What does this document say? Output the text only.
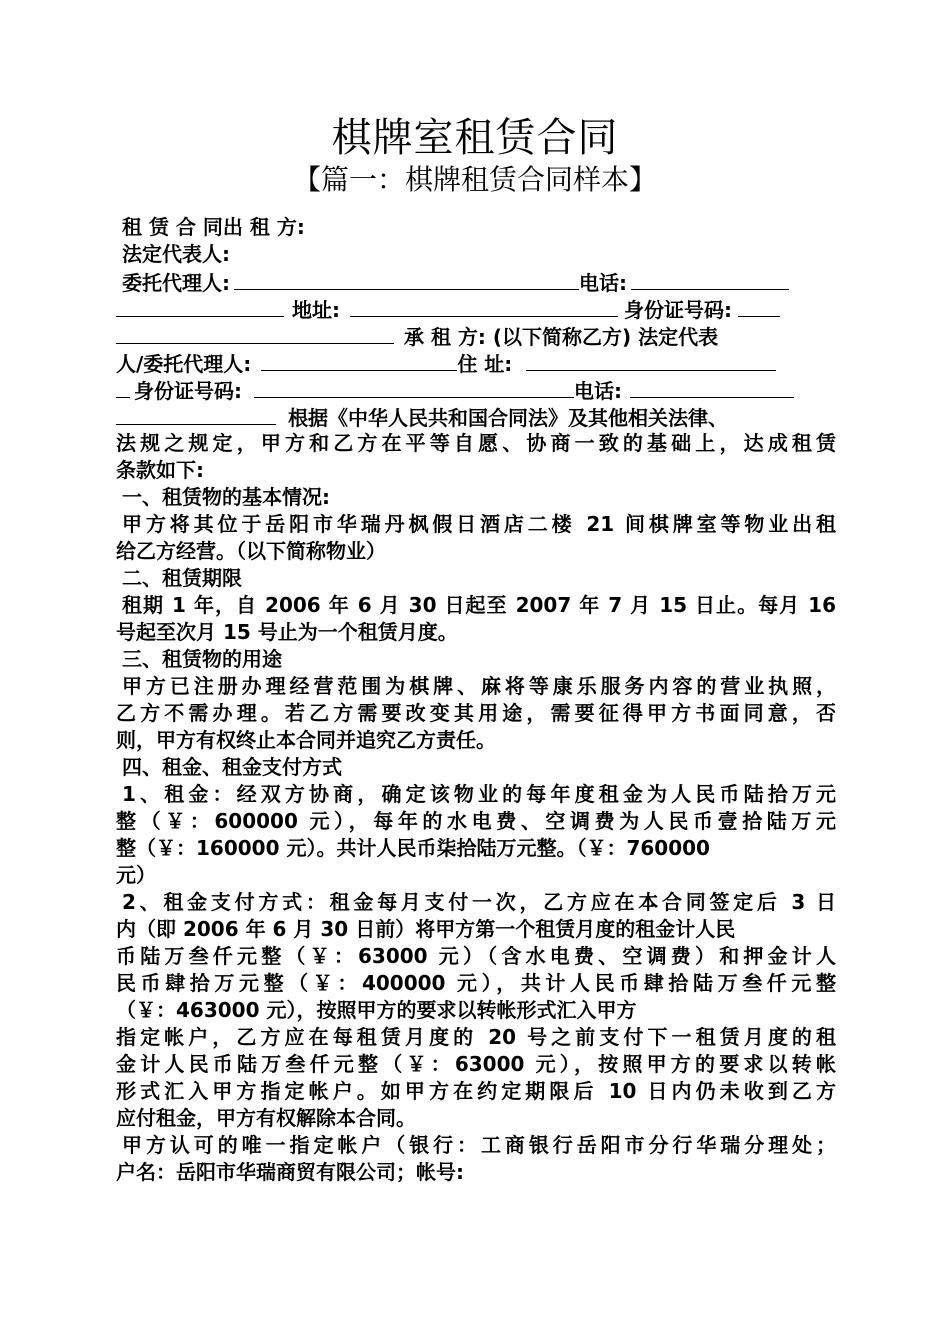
棋牌室租赁合同
【篇一：棋牌租赁合同样本】
租 赁 合 同出 租 方:
法定代表人:
委托代理人:	电话:
地址:	身份证号码:
承 租 方: (以下简称乙方) 法定代表
人/委托代理人:	住 址:
身份证号码:	电话:
根据《中华人民共和国合同法》及其他相关法律、
法规之规定，甲方和乙方在平等自愿、协商一致的基础上，达成租赁
条款如下:
一、租赁物的基本情况:
甲方将其位于岳阳市华瑞丹枫假日酒店二楼 21 间棋牌室等物业出租
给乙方经营。（以下简称物业）
二、租赁期限
租期 1 年，自 2006 年 6 月 30 日起至 2007 年 7 月 15 日止。每月 16
号起至次月 15 号止为一个租赁月度。
三、租赁物的用途
甲方已注册办理经营范围为棋牌、麻将等康乐服务内容的营业执照，
乙方不需办理。若乙方需要改变其用途，需要征得甲方书面同意，否
则，甲方有权终止本合同并追究乙方责任。
四、租金、租金支付方式
1、租金：经双方协商，确定该物业的每年度租金为人民币陆拾万元
整（￥：600000 元），每年的水电费、空调费为人民币壹拾陆万元
整（￥：160000 元）。共计人民币柒拾陆万元整。（￥：760000
元）
2、租金支付方式：租金每月支付一次，乙方应在本合同签定后 3 日
内（即 2006 年 6 月 30 日前）将甲方第一个租赁月度的租金计人民
币陆万叁仟元整（￥：63000 元）（含水电费、空调费）和押金计人
民币肆拾万元整（￥：400000 元），共计人民币肆拾陆万叁仟元整
（￥：463000 元），按照甲方的要求以转帐形式汇入甲方
指定帐户，乙方应在每租赁月度的 20 号之前支付下一租赁月度的租
金计人民币陆万叁仟元整（￥：63000 元），按照甲方的要求以转帐
形式汇入甲方指定帐户。如甲方在约定期限后 10 日内仍未收到乙方
应付租金，甲方有权解除本合同。
甲方认可的唯一指定帐户（银行：工商银行岳阳市分行华瑞分理处；
户名：岳阳市华瑞商贸有限公司；帐号:
